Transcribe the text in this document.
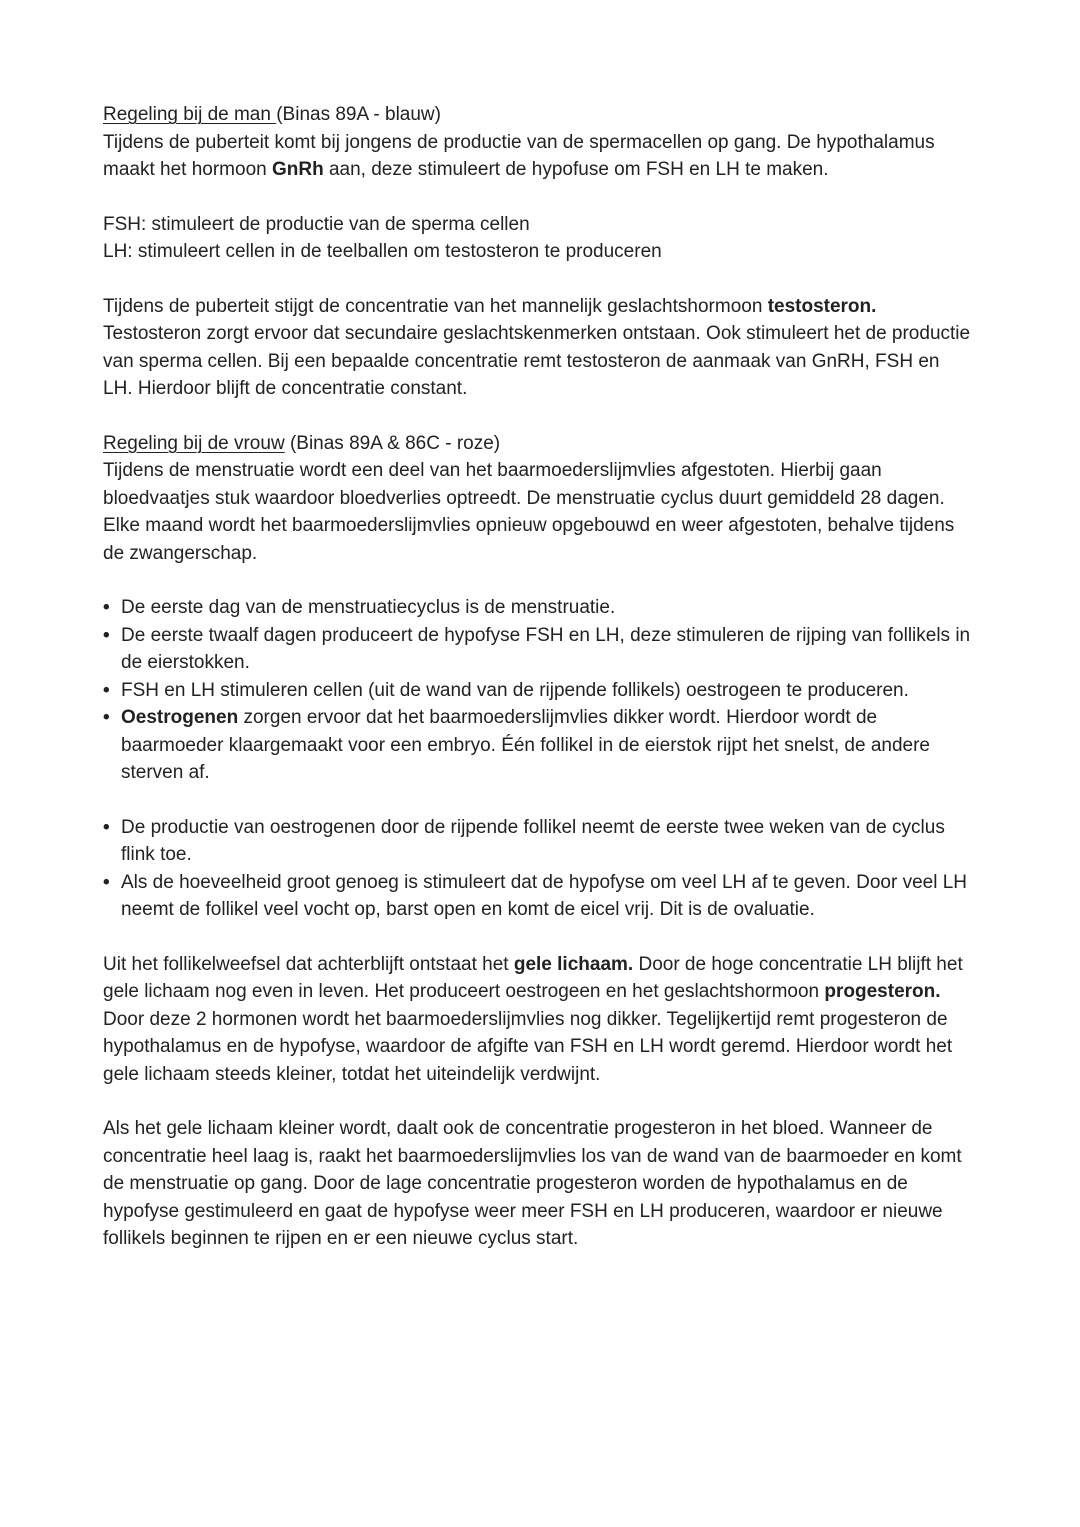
Regeling bij de man (Binas 89A - blauw)
Tijdens de puberteit komt bij jongens de productie van de spermacellen op gang. De hypothalamus maakt het hormoon GnRh aan, deze stimuleert de hypofuse om FSH en LH te maken.
FSH: stimuleert de productie van de sperma cellen
LH: stimuleert cellen in de teelballen om testosteron te produceren
Tijdens de puberteit stijgt de concentratie van het mannelijk geslachtshormoon testosteron. Testosteron zorgt ervoor dat secundaire geslachtskenmerken ontstaan. Ook stimuleert het de productie van sperma cellen. Bij een bepaalde concentratie remt testosteron de aanmaak van GnRH, FSH en LH. Hierdoor blijft de concentratie constant.
Regeling bij de vrouw (Binas 89A & 86C - roze)
Tijdens de menstruatie wordt een deel van het baarmoederslijmvlies afgestoten. Hierbij gaan bloedvaatjes stuk waardoor bloedverlies optreedt. De menstruatie cyclus duurt gemiddeld 28 dagen. Elke maand wordt het baarmoederslijmvlies opnieuw opgebouwd en weer afgestoten, behalve tijdens de zwangerschap.
• De eerste dag van de menstruatiecyclus is de menstruatie.
• De eerste twaalf dagen produceert de hypofyse FSH en LH, deze stimuleren de rijping van follikels in de eierstokken.
• FSH en LH stimuleren cellen (uit de wand van de rijpende follikels) oestrogeen te produceren.
• Oestrogenen zorgen ervoor dat het baarmoederslijmvlies dikker wordt. Hierdoor wordt de baarmoeder klaargemaakt voor een embryo. Één follikel in de eierstok rijpt het snelst, de andere sterven af.
• De productie van oestrogenen door de rijpende follikel neemt de eerste twee weken van de cyclus flink toe.
• Als de hoeveelheid groot genoeg is stimuleert dat de hypofyse om veel LH af te geven. Door veel LH neemt de follikel veel vocht op, barst open en komt de eicel vrij. Dit is de ovaluatie.
Uit het follikelweefsel dat achterblijft ontstaat het gele lichaam. Door de hoge concentratie LH blijft het gele lichaam nog even in leven. Het produceert oestrogeen en het geslachtshormoon progesteron. Door deze 2 hormonen wordt het baarmoederslijmvlies nog dikker. Tegelijkertijd remt progesteron de hypothalamus en de hypofyse, waardoor de afgifte van FSH en LH wordt geremd. Hierdoor wordt het gele lichaam steeds kleiner, totdat het uiteindelijk verdwijnt.
Als het gele lichaam kleiner wordt, daalt ook de concentratie progesteron in het bloed. Wanneer de concentratie heel laag is, raakt het baarmoederslijmvlies los van de wand van de baarmoeder en komt de menstruatie op gang. Door de lage concentratie progesteron worden de hypothalamus en de hypofyse gestimuleerd en gaat de hypofyse weer meer FSH en LH produceren, waardoor er nieuwe follikels beginnen te rijpen en er een nieuwe cyclus start.
